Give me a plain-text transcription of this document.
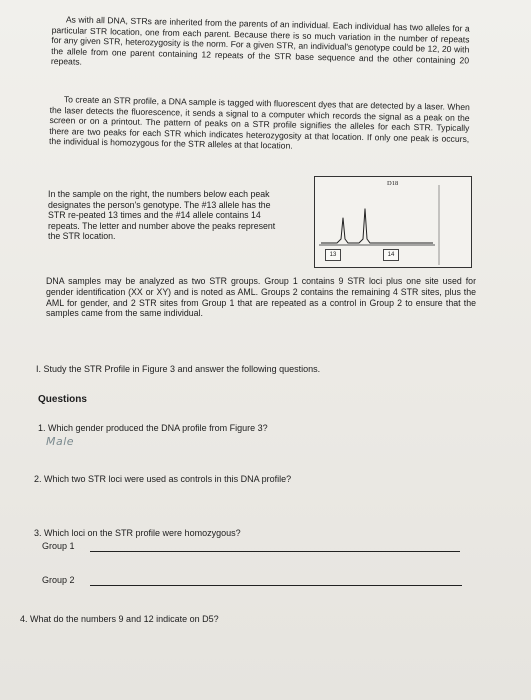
As with all DNA, STRs are inherited from the parents of an individual. Each individual has two alleles for a particular STR location, one from each parent. Because there is so much variation in the number of repeats for any given STR, heterozygosity is the norm. For a given STR, an individual's genotype could be 12, 20 with the allele from one parent containing 12 repeats of the STR base sequence and the other containing 20 repeats.

To create an STR profile, a DNA sample is tagged with fluorescent dyes that are detected by a laser. When the laser detects the fluorescence, it sends a signal to a computer which records the signal as a peak on the screen or on a printout. The pattern of peaks on a STR profile signifies the alleles for each STR. Typically there are two peaks for each STR which indicates heterozygosity at that location. If only one peak is occurs, the individual is homozygous for the STR alleles at that location.

In the sample on the right, the numbers below each peak designates the person's genotype. The #13 allele has the STR re-peated 13 times and the #14 allele contains 14 repeats. The letter and number above the peaks represent the STR location.

D18
13	14

DNA samples may be analyzed as two STR groups. Group 1 contains 9 STR loci plus one site used for gender identification (XX or XY) and is noted as AML. Groups 2 contains the remaining 4 STR sites, plus the AML for gender, and 2 STR sites from Group 1 that are repeated as a control in Group 2 to ensure that the samples came from the same individual.

I. Study the STR Profile in Figure 3 and answer the following questions.

Questions

1. Which gender produced the DNA profile from Figure 3?

Male

2. Which two STR loci were used as controls in this DNA profile?

3. Which loci on the STR profile were homozygous?

Group 1
Group 2

4. What do the numbers 9 and 12 indicate on D5?
